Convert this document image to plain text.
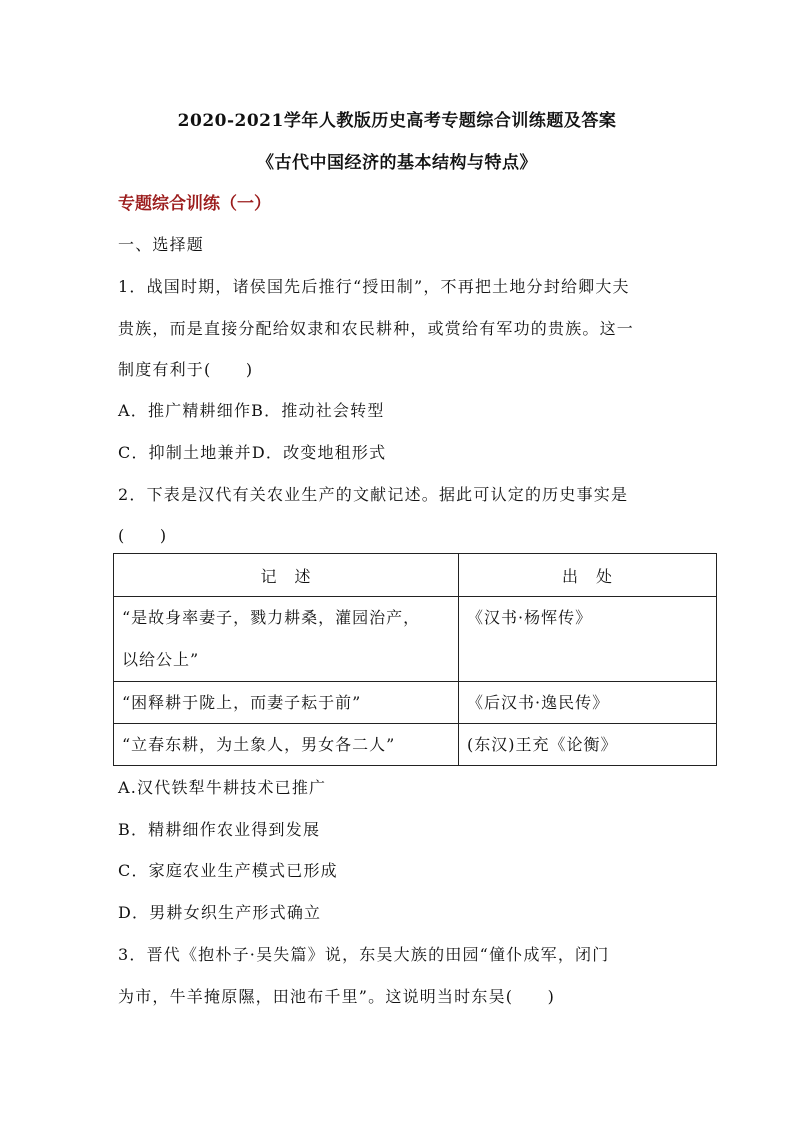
2020-2021学年人教版历史高考专题综合训练题及答案
《古代中国经济的基本结构与特点》
专题综合训练（一）
一、选择题
1．战国时期，诸侯国先后推行“授田制”，不再把土地分封给卿大夫
贵族，而是直接分配给奴隶和农民耕种，或赏给有军功的贵族。这一
制度有利于(　　)
A．推广精耕细作B．推动社会转型
C．抑制土地兼并D．改变地租形式
2．下表是汉代有关农业生产的文献记述。据此可认定的历史事实是
(　　)
记　述	出　处

“是故身率妻子，戮力耕桑，灌园治产，
以给公上”	《汉书·杨恽传》

“困释耕于陇上，而妻子耘于前”	《后汉书·逸民传》

“立春东耕，为土象人，男女各二人”	(东汉)王充《论衡》
A.汉代铁犁牛耕技术已推广
B．精耕细作农业得到发展
C．家庭农业生产模式已形成
D．男耕女织生产形式确立
3．晋代《抱朴子·吴失篇》说，东吴大族的田园“僮仆成军，闭门
为市，牛羊掩原隰，田池布千里”。这说明当时东吴(　　)
